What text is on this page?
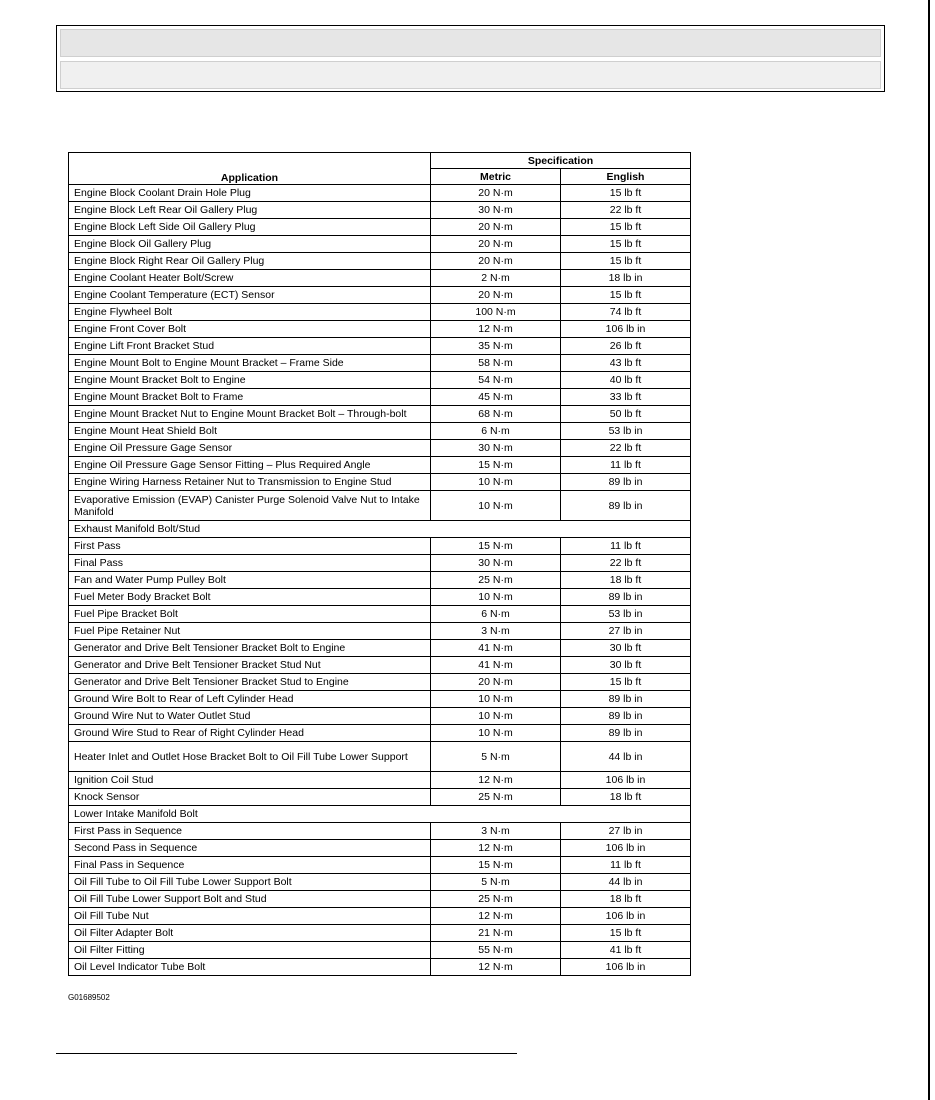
Application	Specification	
	Metric	English
Engine Block Coolant Drain Hole Plug	20 N·m	15 lb ft
Engine Block Left Rear Oil Gallery Plug	30 N·m	22 lb ft
Engine Block Left Side Oil Gallery Plug	20 N·m	15 lb ft
Engine Block Oil Gallery Plug	20 N·m	15 lb ft
Engine Block Right Rear Oil Gallery Plug	20 N·m	15 lb ft
Engine Coolant Heater Bolt/Screw	2 N·m	18 lb in
Engine Coolant Temperature (ECT) Sensor	20 N·m	15 lb ft
Engine Flywheel Bolt	100 N·m	74 lb ft
Engine Front Cover Bolt	12 N·m	106 lb in
Engine Lift Front Bracket Stud	35 N·m	26 lb ft
Engine Mount Bolt to Engine Mount Bracket – Frame Side	58 N·m	43 lb ft
Engine Mount Bracket Bolt to Engine	54 N·m	40 lb ft
Engine Mount Bracket Bolt to Frame	45 N·m	33 lb ft
Engine Mount Bracket Nut to Engine Mount Bracket Bolt – Through-bolt	68 N·m	50 lb ft
Engine Mount Heat Shield Bolt	6 N·m	53 lb in
Engine Oil Pressure Gage Sensor	30 N·m	22 lb ft
Engine Oil Pressure Gage Sensor Fitting – Plus Required Angle	15 N·m	11 lb ft
Engine Wiring Harness Retainer Nut to Transmission to Engine Stud	10 N·m	89 lb in
Evaporative Emission (EVAP) Canister Purge Solenoid Valve Nut to Intake Manifold	10 N·m	89 lb in
Exhaust Manifold Bolt/Stud		
First Pass	15 N·m	11 lb ft
Final Pass	30 N·m	22 lb ft
Fan and Water Pump Pulley Bolt	25 N·m	18 lb ft
Fuel Meter Body Bracket Bolt	10 N·m	89 lb in
Fuel Pipe Bracket Bolt	6 N·m	53 lb in
Fuel Pipe Retainer Nut	3 N·m	27 lb in
Generator and Drive Belt Tensioner Bracket Bolt to Engine	41 N·m	30 lb ft
Generator and Drive Belt Tensioner Bracket Stud Nut	41 N·m	30 lb ft
Generator and Drive Belt Tensioner Bracket Stud to Engine	20 N·m	15 lb ft
Ground Wire Bolt to Rear of Left Cylinder Head	10 N·m	89 lb in
Ground Wire Nut to Water Outlet Stud	10 N·m	89 lb in
Ground Wire Stud to Rear of Right Cylinder Head	10 N·m	89 lb in
Heater Inlet and Outlet Hose Bracket Bolt to Oil Fill Tube Lower Support	5 N·m	44 lb in
Ignition Coil Stud	12 N·m	106 lb in
Knock Sensor	25 N·m	18 lb ft
Lower Intake Manifold Bolt		
First Pass in Sequence	3 N·m	27 lb in
Second Pass in Sequence	12 N·m	106 lb in
Final Pass in Sequence	15 N·m	11 lb ft
Oil Fill Tube to Oil Fill Tube Lower Support Bolt	5 N·m	44 lb in
Oil Fill Tube Lower Support Bolt and Stud	25 N·m	18 lb ft
Oil Fill Tube Nut	12 N·m	106 lb in
Oil Filter Adapter Bolt	21 N·m	15 lb ft
Oil Filter Fitting	55 N·m	41 lb ft
Oil Level Indicator Tube Bolt	12 N·m	106 lb in
G01689502
